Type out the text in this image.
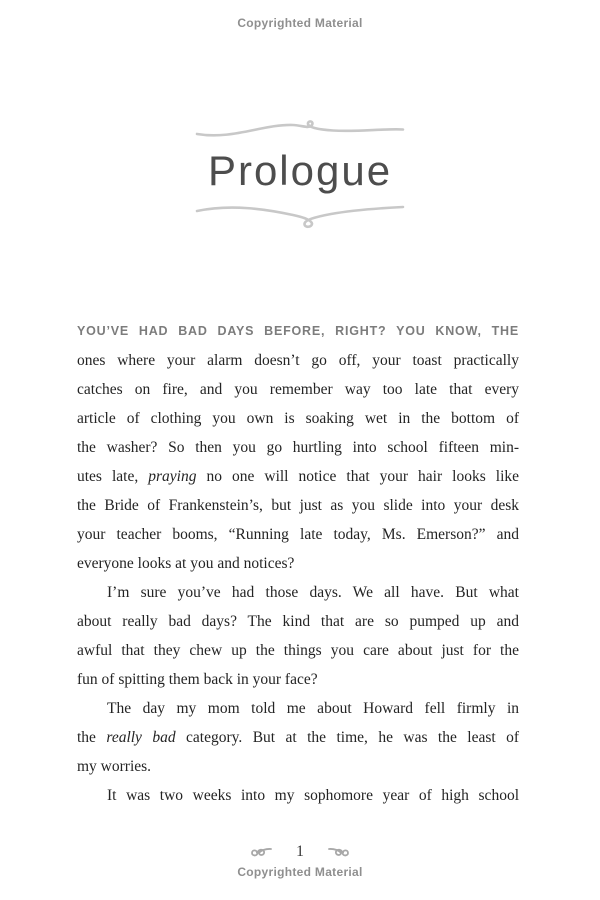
Copyrighted Material
Prologue
YOU’VE HAD BAD DAYS BEFORE, RIGHT? YOU KNOW, THE
ones where your alarm doesn’t go off, your toast practically
catches on fire, and you remember way too late that every
article of clothing you own is soaking wet in the bottom of
the washer? So then you go hurtling into school fifteen min-
utes late, praying no one will notice that your hair looks like
the Bride of Frankenstein’s, but just as you slide into your desk
your teacher booms, “Running late today, Ms. Emerson?” and
everyone looks at you and notices?
I’m sure you’ve had those days. We all have. But what
about really bad days? The kind that are so pumped up and
awful that they chew up the things you care about just for the
fun of spitting them back in your face?
The day my mom told me about Howard fell firmly in
the really bad category. But at the time, he was the least of
my worries.
It was two weeks into my sophomore year of high school
1
Copyrighted Material
